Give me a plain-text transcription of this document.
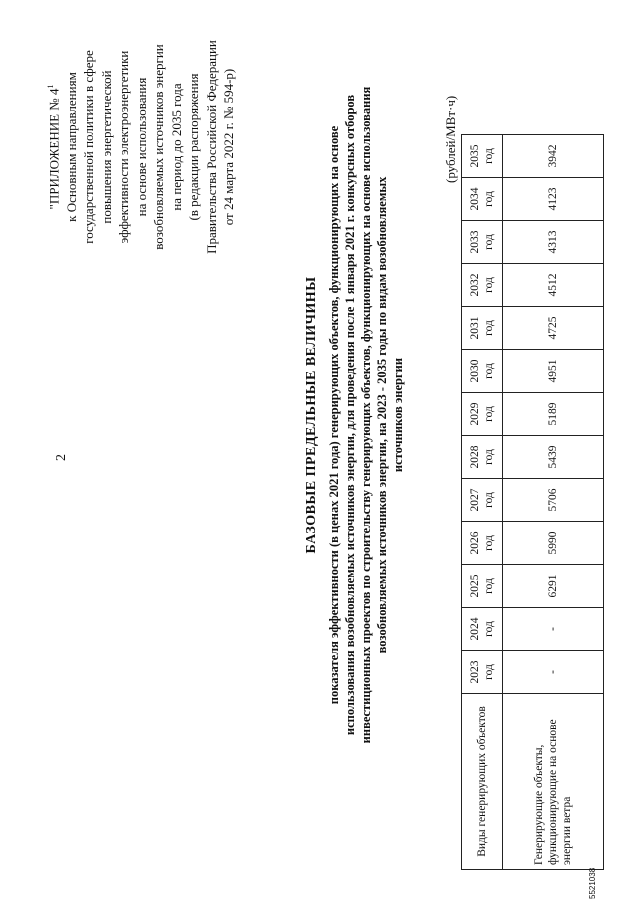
2
"ПРИЛОЖЕНИЕ № $4^1$ к Основным направлениям государственной политики в сфере повышения энергетической эффективности электроэнергетики на основе использования возобновляемых источников энергии на период до 2035 года (в редакции распоряжения Правительства Российской Федерации от 24 марта 2022 г. № 594-р)
БАЗОВЫЕ ПРЕДЕЛЬНЫЕ ВЕЛИЧИНЫ показателя эффективности (в ценах 2021 года) генерирующих объектов, функционирующих на основе использования возобновляемых источников энергии, для проведения после 1 января 2021 г. конкурсных отборов инвестиционных проектов по строительству генерирующих объектов, функционирующих на основе использования возобновляемых источников энергии, на 2023 - 2035 годы по видам возобновляемых источников энергии
(рублей/МВт·ч)
Виды генерирующих объектов	2023 год	2024 год	2025 год	2026 год	2027 год	2028 год	2029 год	2030 год	2031 год	2032 год	2033 год	2034 год	2035 год

Генерирующие объекты, функционирующие на основе энергии ветра	-	-	6291	5990	5706	5439	5189	4951	4725	4512	4313	4123	3942
5521038
